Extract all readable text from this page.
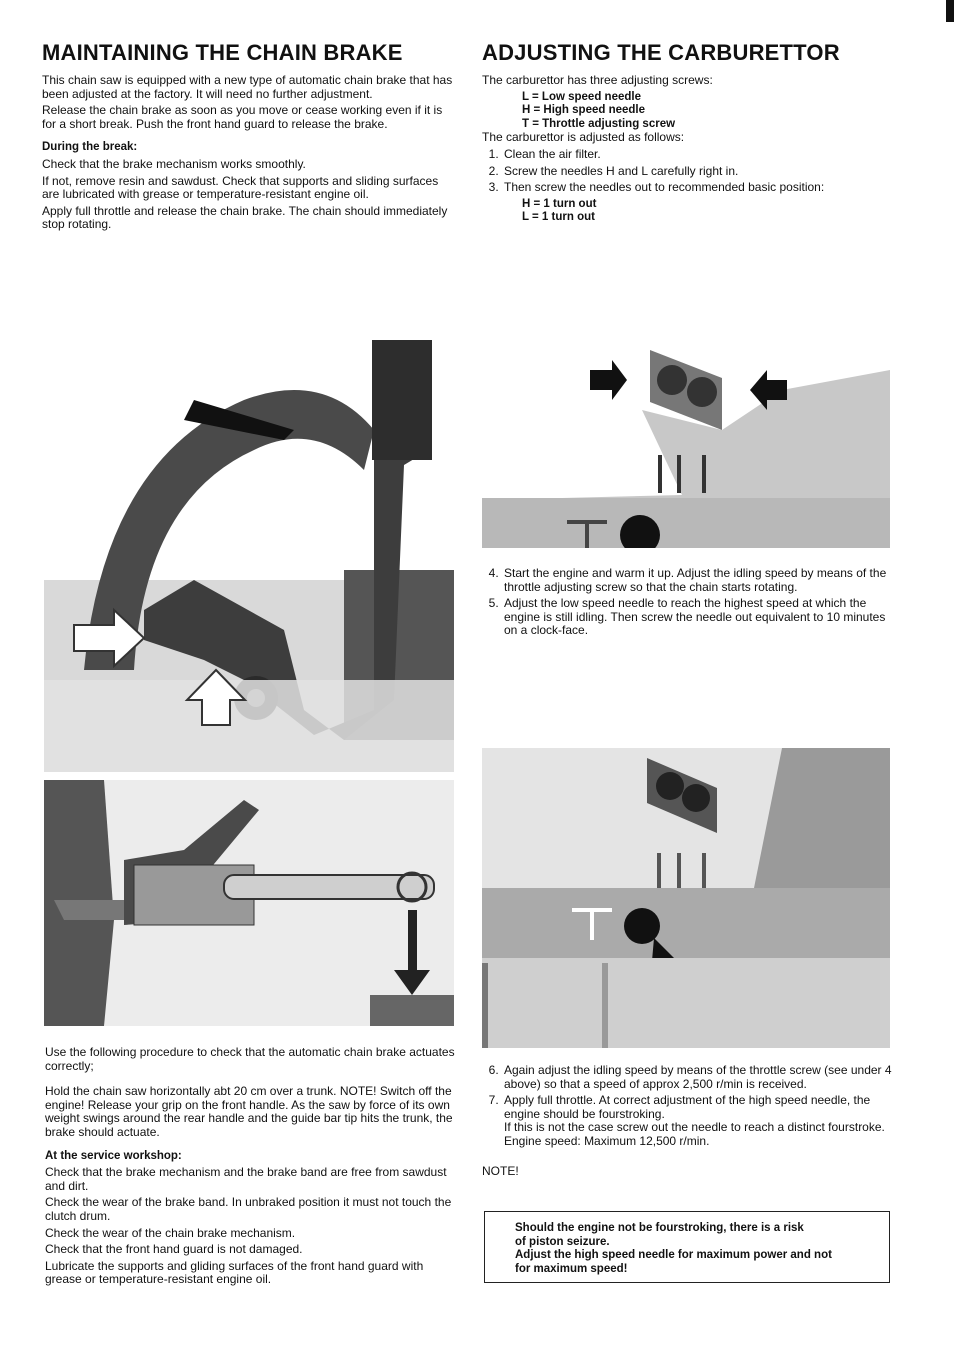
MAINTAINING THE CHAIN BRAKE

This chain saw is equipped with a new type of automatic chain brake that has been adjusted at the factory. It will need no further adjustment.

Release the chain brake as soon as you move or cease working even if it is for a short break. Push the front hand guard to release the brake.

During the break:

Check that the brake mechanism works smoothly.

If not, remove resin and sawdust. Check that supports and sliding surfaces are lubricated with grease or temperature-resistant engine oil.

Apply full throttle and release the chain brake. The chain should immediately stop rotating.

ADJUSTING THE CARBURETTOR

The carburettor has three adjusting screws:

L = Low speed needle
H = High speed needle
T = Throttle adjusting screw

The carburettor is adjusted as follows:

1. Clean the air filter.
2. Screw the needles H and L carefully right in.
3. Then screw the needles out to recommended basic position:
H = 1 turn out
L = 1 turn out

Use the following procedure to check that the automatic chain brake actuates correctly;

Hold the chain saw horizontally abt 20 cm over a trunk. NOTE! Switch off the engine! Release your grip on the front handle. As the saw by force of its own weight swings around the rear handle and the guide bar tip hits the trunk, the brake should actuate.

At the service workshop:

Check that the brake mechanism and the brake band are free from sawdust and dirt.

Check the wear of the brake band. In unbraked position it must not touch the clutch drum.

Check the wear of the chain brake mechanism.

Check that the front hand guard is not damaged.

Lubricate the supports and gliding surfaces of the front hand guard with grease or temperature-resistant engine oil.

4. Start the engine and warm it up. Adjust the idling speed by means of the throttle adjusting screw so that the chain starts rotating.
5. Adjust the low speed needle to reach the highest speed at which the engine is still idling. Then screw the needle out equivalent to 10 minutes on a clock-face.
6. Again adjust the idling speed by means of the throttle screw (see under 4 above) so that a speed of approx 2,500 r/min is received.
7. Apply full throttle. At correct adjustment of the high speed needle, the engine should be fourstroking.
If this is not the case screw out the needle to reach a distinct fourstroke.
Engine speed: Maximum 12,500 r/min.

NOTE!

Should the engine not be fourstroking, there is a risk

of piston seizure.

Adjust the high speed needle for maximum power and not

for maximum speed!
